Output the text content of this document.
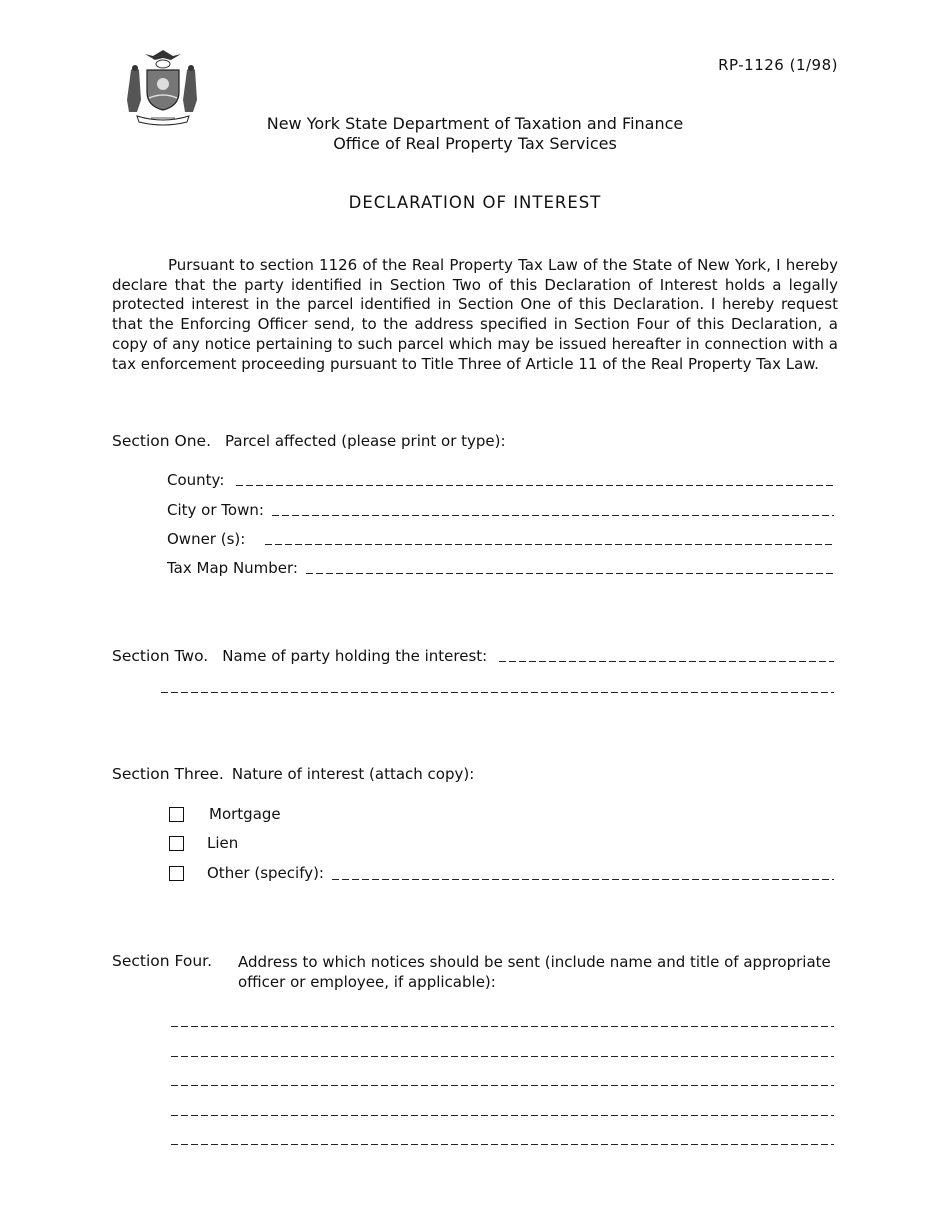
RP-1126 (1/98)
New York State Department of Taxation and Finance
Office of Real Property Tax Services
DECLARATION OF INTEREST

Pursuant to section 1126 of the Real Property Tax Law of the State of New York, I hereby declare that the party identified in Section Two of this Declaration of Interest holds a legally protected interest in the parcel identified in Section One of this Declaration. I hereby request that the Enforcing Officer send, to the address specified in Section Four of this Declaration, a copy of any notice pertaining to such parcel which may be issued hereafter in connection with a tax enforcement proceeding pursuant to Title Three of Article 11 of the Real Property Tax Law.

Section One. Parcel affected (please print or type):
County:
City or Town:
Owner (s):
Tax Map Number:
Section Two. Name of party holding the interest:
Section Three. Nature of interest (attach copy):
Mortgage
Lien
Other (specify):
Section Four. Address to which notices should be sent (include name and title of appropriate
officer or employee, if applicable):
